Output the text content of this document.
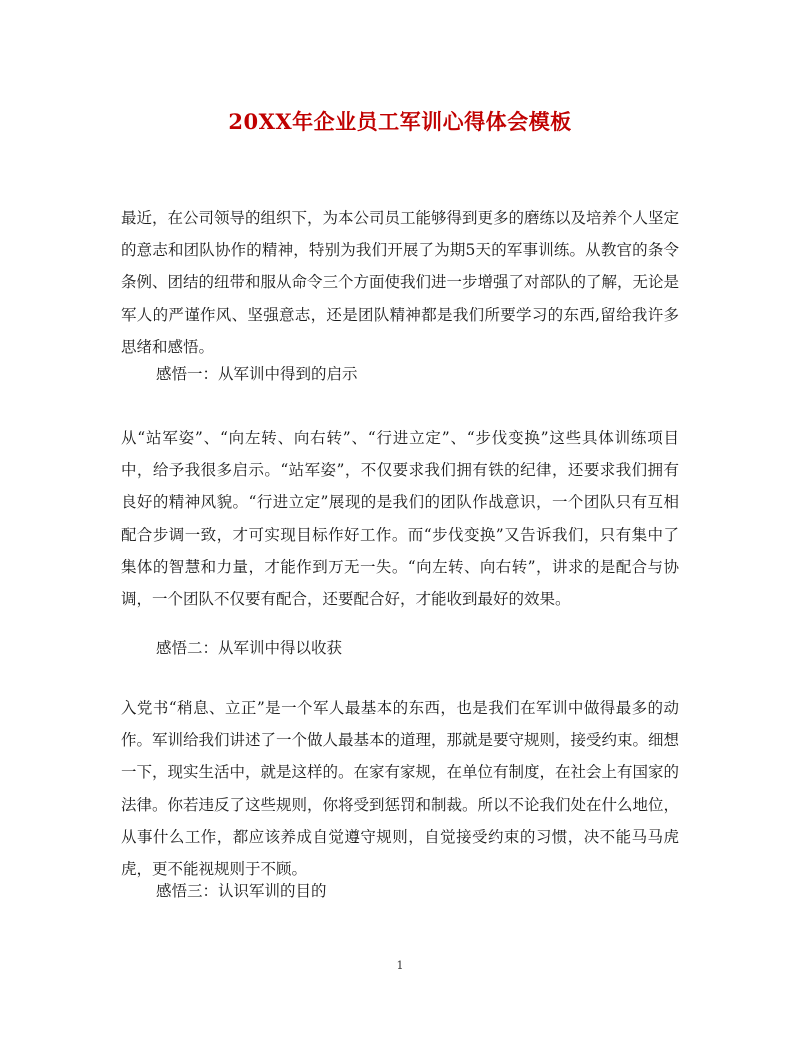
20XX年企业员工军训心得体会模板

最近，在公司领导的组织下，为本公司员工能够得到更多的磨练以及培养个人坚定的意志和团队协作的精神，特别为我们开展了为期5天的军事训练。从教官的条令条例、团结的纽带和服从命令三个方面使我们进一步增强了对部队的了解，无论是军人的严谨作风、坚强意志，还是团队精神都是我们所要学习的东西,留给我许多思绪和感悟。

感悟一：从军训中得到的启示

从“站军姿”、“向左转、向右转”、“行进立定”、“步伐变换”这些具体训练项目中，给予我很多启示。“站军姿”，不仅要求我们拥有铁的纪律，还要求我们拥有良好的精神风貌。“行进立定”展现的是我们的团队作战意识，一个团队只有互相配合步调一致，才可实现目标作好工作。而“步伐变换”又告诉我们，只有集中了集体的智慧和力量，才能作到万无一失。“向左转、向右转”，讲求的是配合与协调，一个团队不仅要有配合，还要配合好，才能收到最好的效果。

感悟二：从军训中得以收获

入党书“稍息、立正”是一个军人最基本的东西，也是我们在军训中做得最多的动作。军训给我们讲述了一个做人最基本的道理，那就是要守规则，接受约束。细想一下，现实生活中，就是这样的。在家有家规，在单位有制度，在社会上有国家的法律。你若违反了这些规则，你将受到惩罚和制裁。所以不论我们处在什么地位，从事什么工作，都应该养成自觉遵守规则，自觉接受约束的习惯，决不能马马虎虎，更不能视规则于不顾。

感悟三：认识军训的目的

1
